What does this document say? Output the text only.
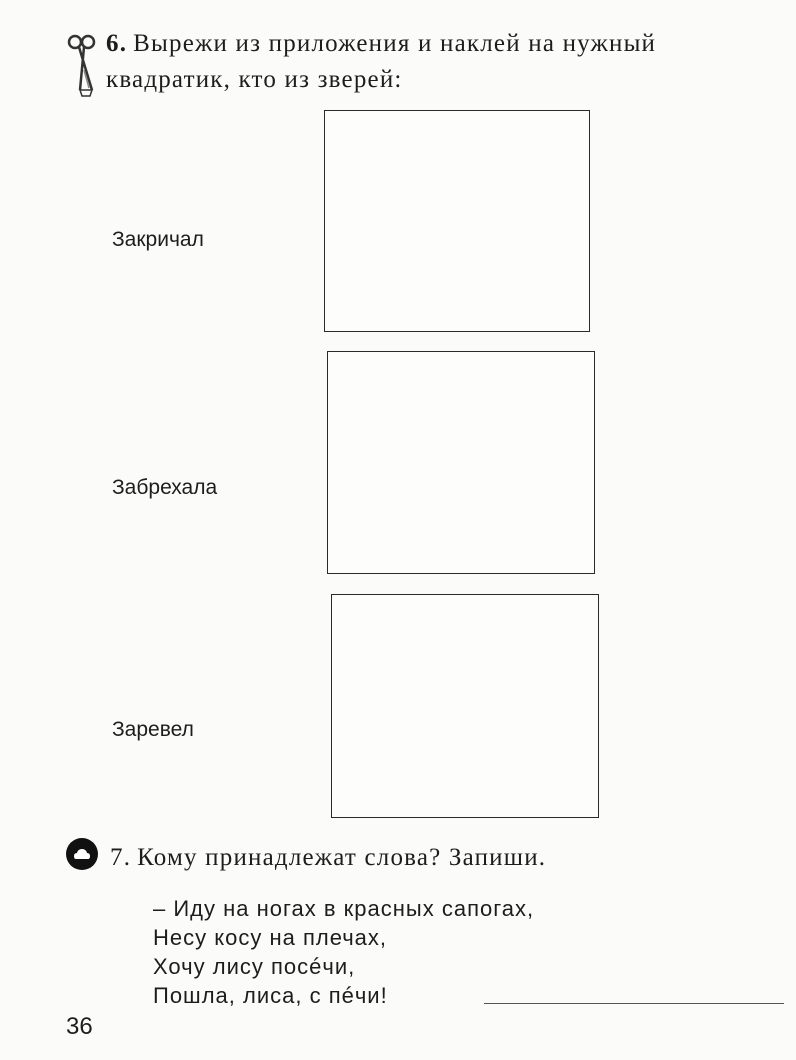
6. Вырежи из приложения и наклей на нужный
квадратик, кто из зверей:
Закричал
Забрехала
Заревел
7. Кому принадлежат слова? Запиши.
– Иду на ногах в красных сапогах,
Несу косу на плечах,
Хочу лису посéчи,
Пошла, лиса, с пéчи!
36
